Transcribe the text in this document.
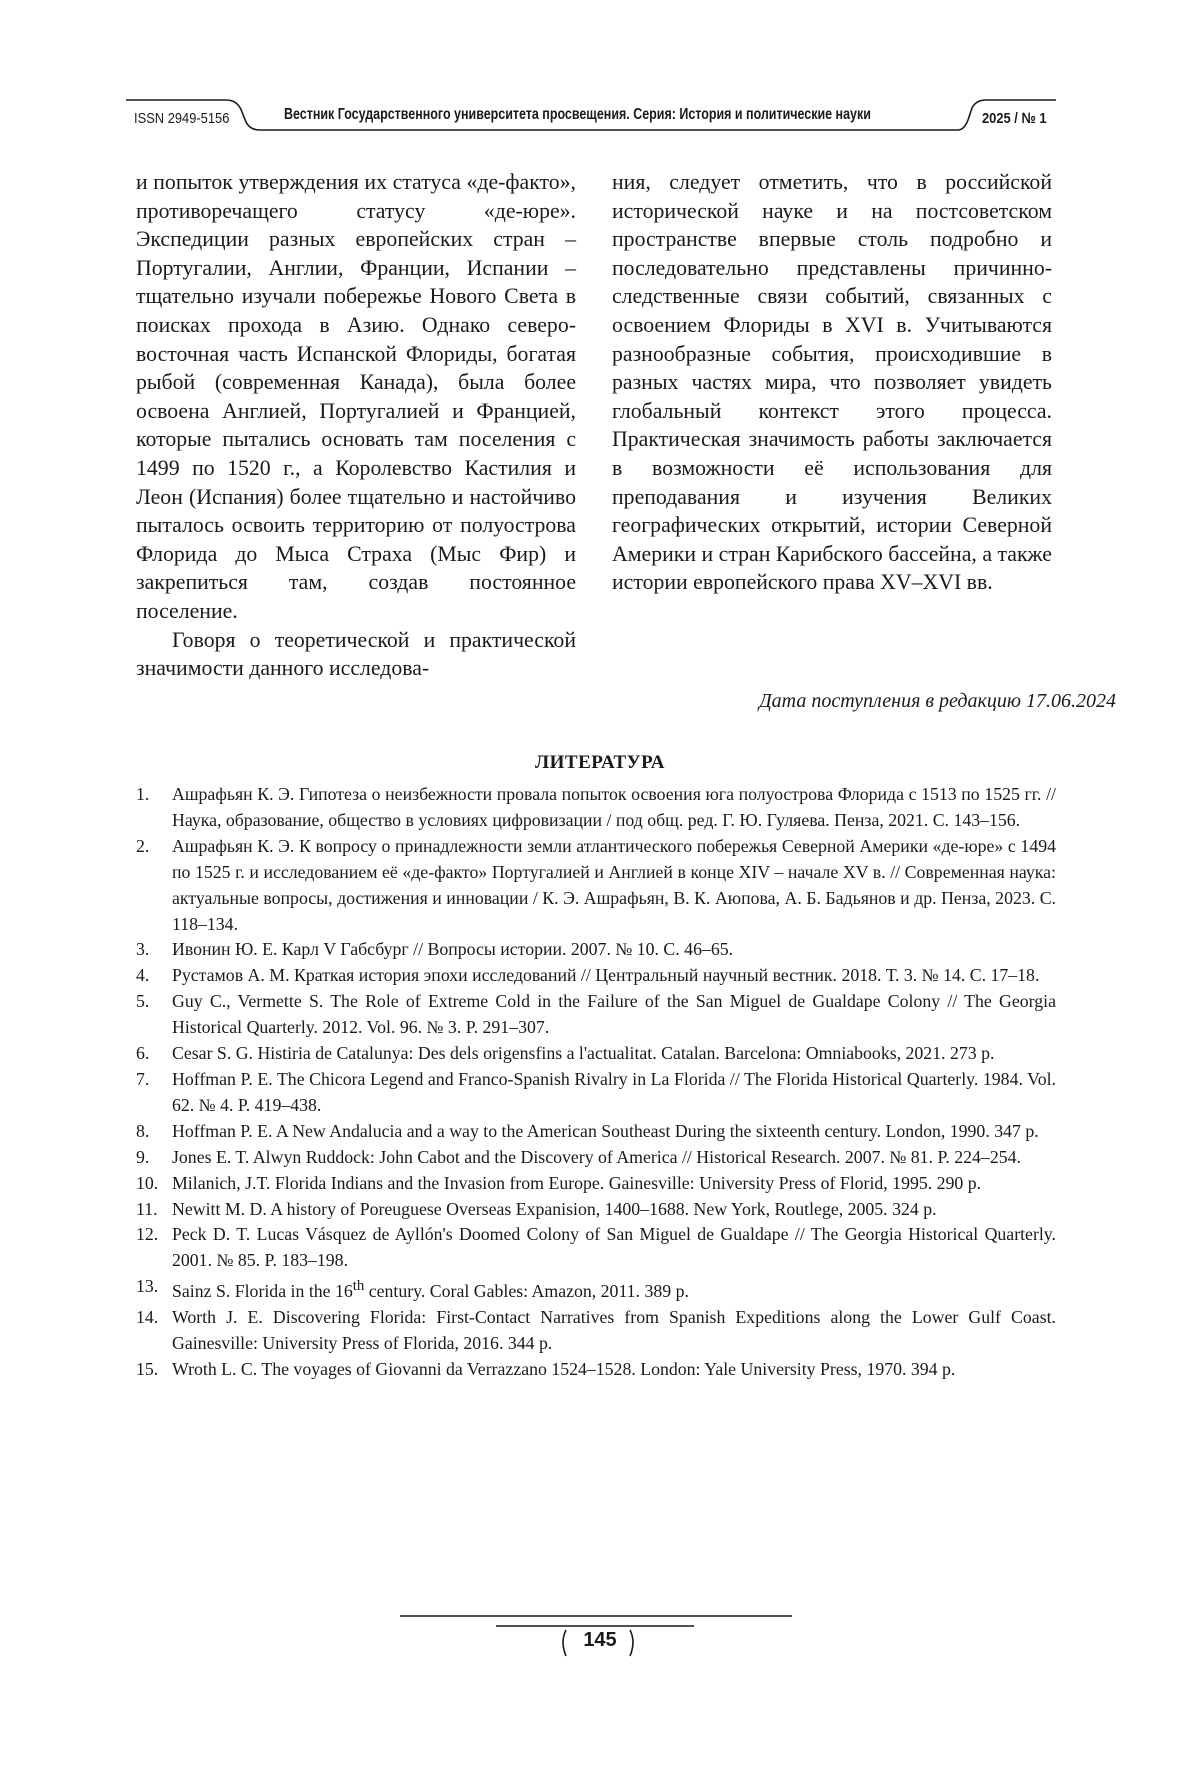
ISSN 2949-5156	Вестник Государственного университета просвещения. Серия: История и политические науки	2025 / № 1

и попыток утверждения их статуса «де-факто», противоречащего статусу «де-юре». Экспедиции разных европейских стран – Португалии, Англии, Франции, Испании – тщательно изучали побережье Нового Света в поисках прохода в Азию. Однако северо-восточная часть Испанской Флориды, богатая рыбой (современная Канада), была более освоена Англией, Португалией и Францией, которые пытались основать там поселения с 1499 по 1520 г., а Королевство Кастилия и Леон (Испания) более тщательно и настойчиво пыталось освоить территорию от полуострова Флорида до Мыса Страха (Мыс Фир) и закрепиться там, создав постоянное поселение.

Говоря о теоретической и практической значимости данного исследова-

ния, следует отметить, что в российской исторической науке и на постсоветском пространстве впервые столь подробно и последовательно представлены причинно-следственные связи событий, связанных с освоением Флориды в XVI в. Учитываются разнообразные события, происходившие в разных частях мира, что позволяет увидеть глобальный контекст этого процесса. Практическая значимость работы заключается в возможности её использования для преподавания и изучения Великих географических открытий, истории Северной Америки и стран Карибского бассейна, а также истории европейского права XV–XVI вв.

Дата поступления в редакцию 17.06.2024
ЛИТЕРАТУРА
1. Ашрафьян К. Э. Гипотеза о неизбежности провала попыток освоения юга полуострова Флорида с 1513 по 1525 гг. // Наука, образование, общество в условиях цифровизации / под общ. ред. Г. Ю. Гуляева. Пенза, 2021. С. 143–156.
2. Ашрафьян К. Э. К вопросу о принадлежности земли атлантического побережья Северной Америки «де-юре» с 1494 по 1525 г. и исследованием её «де-факто» Португалией и Англией в конце XIV – начале XV в. // Современная наука: актуальные вопросы, достижения и инновации / К. Э. Ашрафьян, В. К. Аюпова, А. Б. Бадьянов и др. Пенза, 2023. С. 118–134.
3. Ивонин Ю. Е. Карл V Габсбург // Вопросы истории. 2007. № 10. С. 46–65.
4. Рустамов А. М. Краткая история эпохи исследований // Центральный научный вестник. 2018. Т. 3. № 14. С. 17–18.
5. Guy C., Vermette S. The Role of Extreme Cold in the Failure of the San Miguel de Gualdape Colony // The Georgia Historical Quarterly. 2012. Vol. 96. № 3. P. 291–307.
6. Cesar S. G. Histiria de Catalunya: Des dels origensfins a l'actualitat. Catalan. Barcelona: Omniabooks, 2021. 273 p.
7. Hoffman P. E. The Chicora Legend and Franco-Spanish Rivalry in La Florida // The Florida Historical Quarterly. 1984. Vol. 62. № 4. P. 419–438.
8. Hoffman P. E. A New Andalucia and a way to the American Southeast During the sixteenth century. London, 1990. 347 p.
9. Jones E. T. Alwyn Ruddock: John Cabot and the Discovery of America // Historical Research. 2007. № 81. P. 224–254.
10. Milanich, J.T. Florida Indians and the Invasion from Europe. Gainesville: University Press of Florid, 1995. 290 p.
11. Newitt M. D. A history of Poreuguese Overseas Expanision, 1400–1688. New York, Routlege, 2005. 324 p.
12. Peck D. T. Lucas Vásquez de Ayllón's Doomed Colony of San Miguel de Gualdape // The Georgia Historical Quarterly. 2001. № 85. P. 183–198.
13. Sainz S. Florida in the 16th century. Coral Gables: Amazon, 2011. 389 p.
14. Worth J. E. Discovering Florida: First-Contact Narratives from Spanish Expeditions along the Lower Gulf Coast. Gainesville: University Press of Florida, 2016. 344 p.
15. Wroth L. C. The voyages of Giovanni da Verrazzano 1524–1528. London: Yale University Press, 1970. 394 p.
145
